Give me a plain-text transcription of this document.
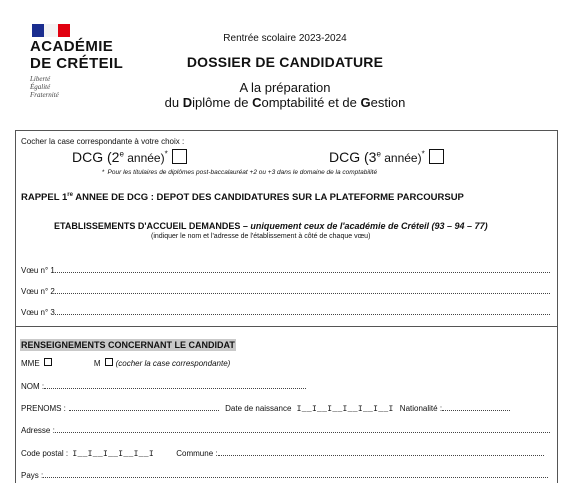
ACADÉMIE
DE CRÉTEIL
Liberté
Égalité
Fraternité
Rentrée scolaire 2023-2024
DOSSIER DE CANDIDATURE
A la préparation
du Diplôme de Comptabilité et de Gestion
Cocher la case correspondante à votre choix :
DCG (2e année)*	DCG (3e année)*
* Pour les titulaires de diplômes post-baccalauréat +2 ou +3 dans le domaine de la comptabilité
RAPPEL 1re ANNEE DE DCG : DEPOT DES CANDIDATURES SUR LA PLATEFORME PARCOURSUP
ETABLISSEMENTS D'ACCUEIL DEMANDES – uniquement ceux de l'académie de Créteil (93 – 94 – 77)
(indiquer le nom et l'adresse de l'établissement à côté de chaque vœu)
Vœu n° 1
Vœu n° 2
Vœu n° 3
RENSEIGNEMENTS CONCERNANT LE CANDIDAT
MME	M (cocher la case correspondante)
NOM :
PRENOMS :	Date de naissance I__I__I__I__I__I__I Nationalité :
Adresse :
Code postal : I__I__I__I__I__I	Commune :
Pays :
